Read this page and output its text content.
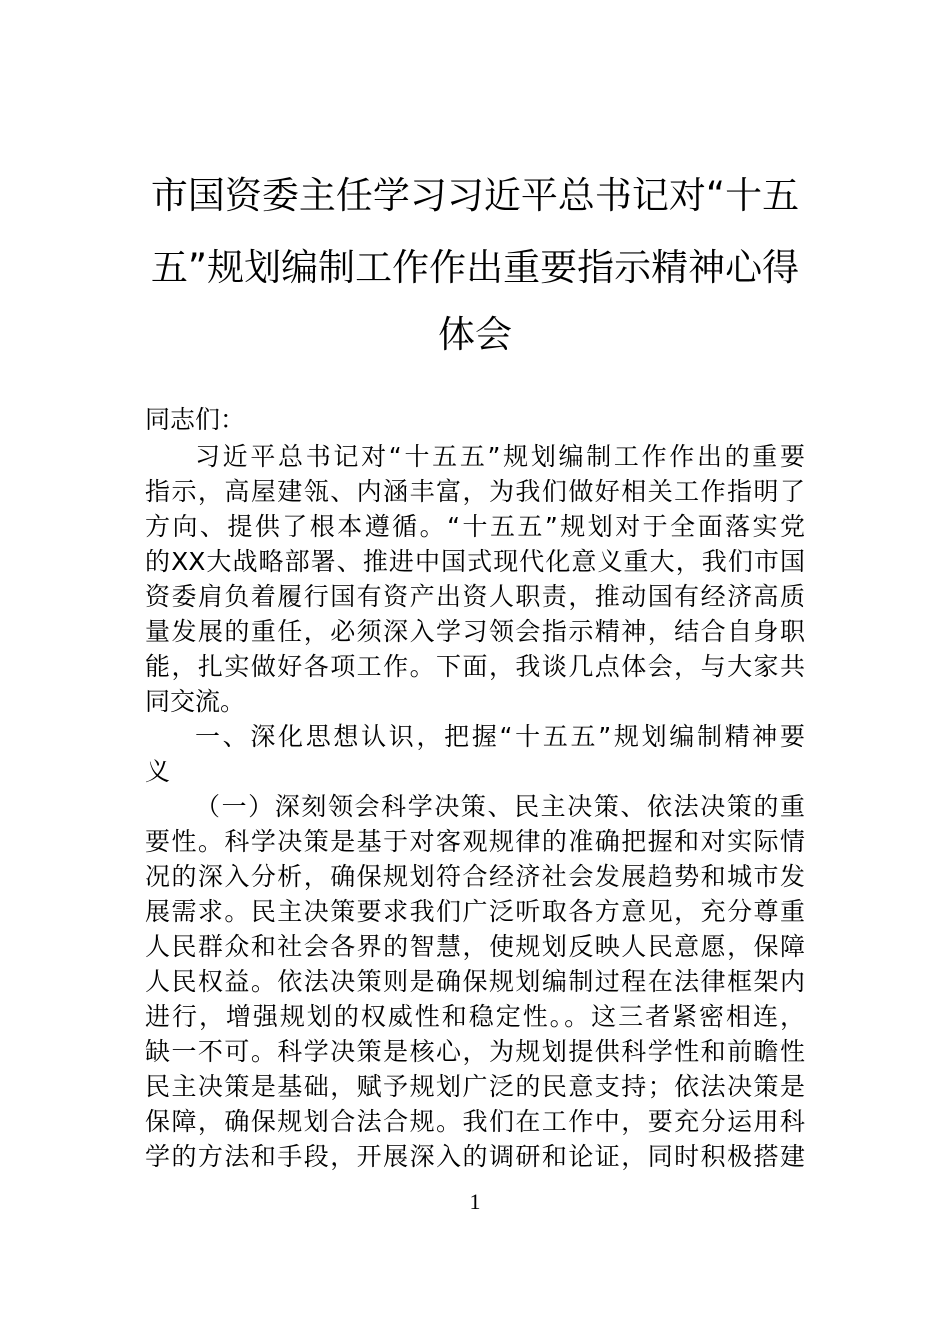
市国资委主任学习习近平总书记对“十五
五”规划编制工作作出重要指示精神心得
体会
同志们：
习近平总书记对“十五五”规划编制工作作出的重要
指示，高屋建瓴、内涵丰富，为我们做好相关工作指明了
方向、提供了根本遵循。“十五五”规划对于全面落实党
的XX大战略部署、推进中国式现代化意义重大，我们市国
资委肩负着履行国有资产出资人职责，推动国有经济高质
量发展的重任，必须深入学习领会指示精神，结合自身职
能，扎实做好各项工作。下面，我谈几点体会，与大家共
同交流。
一、深化思想认识，把握“十五五”规划编制精神要
义
（一）深刻领会科学决策、民主决策、依法决策的重
要性。科学决策是基于对客观规律的准确把握和对实际情
况的深入分析，确保规划符合经济社会发展趋势和城市发
展需求。民主决策要求我们广泛听取各方意见，充分尊重
人民群众和社会各界的智慧，使规划反映人民意愿，保障
人民权益。依法决策则是确保规划编制过程在法律框架内
进行，增强规划的权威性和稳定性。。这三者紧密相连，
缺一不可。科学决策是核心，为规划提供科学性和前瞻性
民主决策是基础，赋予规划广泛的民意支持；依法决策是
保障，确保规划合法合规。我们在工作中，要充分运用科
学的方法和手段，开展深入的调研和论证，同时积极搭建
1
